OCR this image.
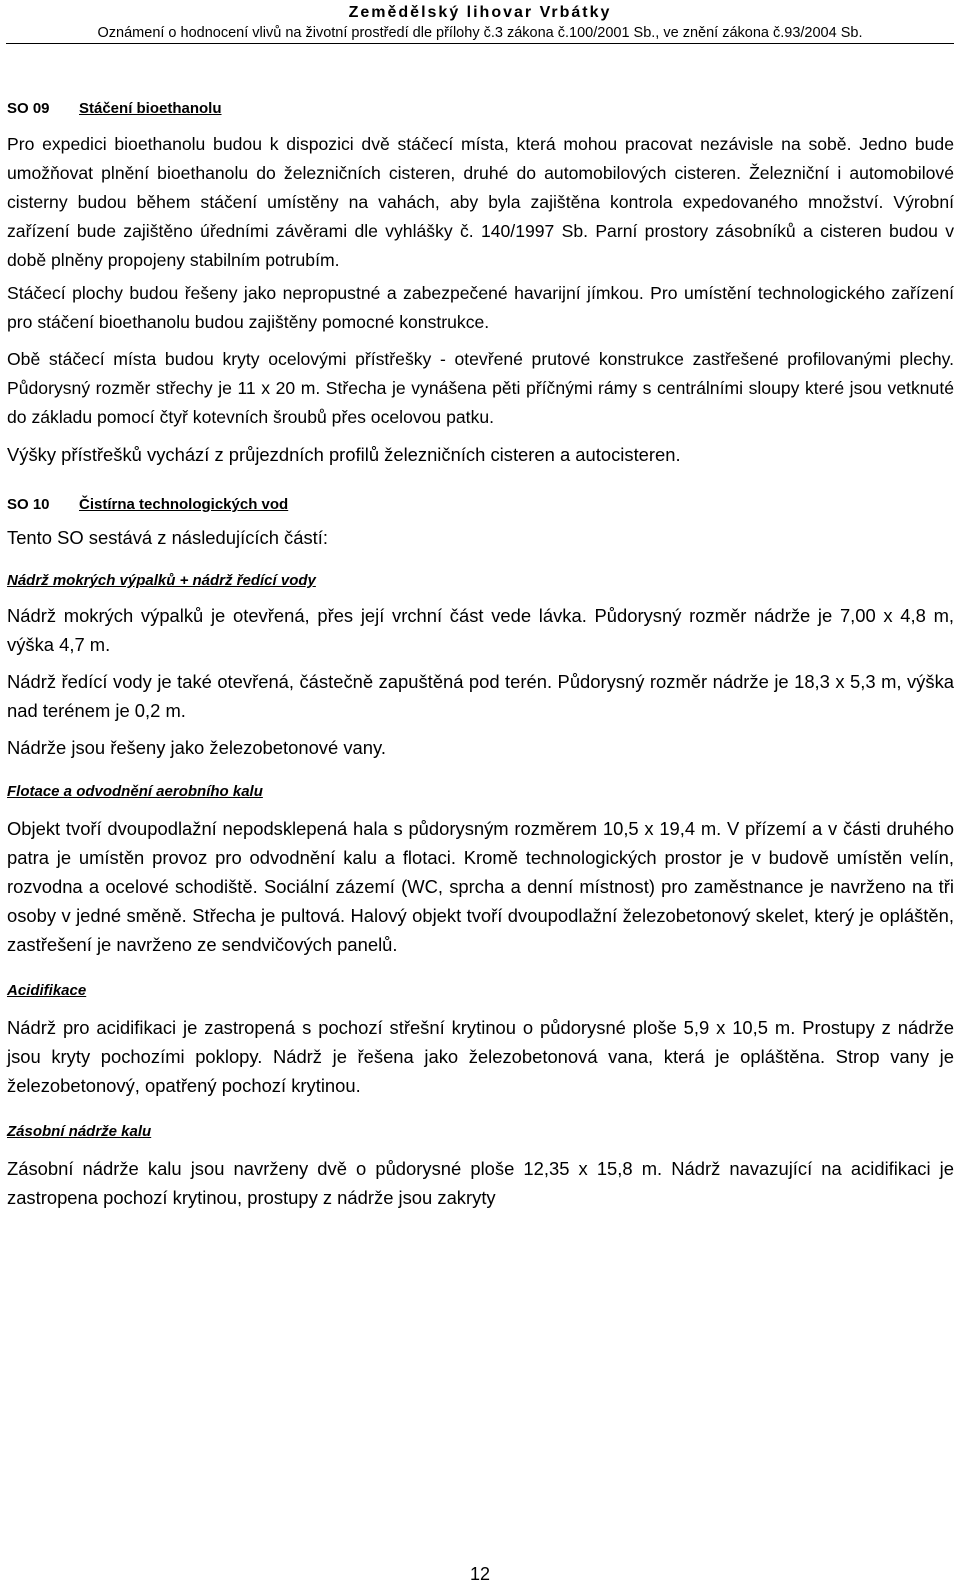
Zemědělský lihovar Vrbátky
Oznámení o hodnocení vlivů na životní prostředí dle přílohy č.3 zákona č.100/2001 Sb., ve znění zákona č.93/2004 Sb.
SO 09 Stáčení bioethanolu

Pro expedici bioethanolu budou k dispozici dvě stáčecí místa, která mohou pracovat nezávisle na sobě. Jedno bude umožňovat plnění bioethanolu do železničních cisteren, druhé do automobilových cisteren. Železniční i automobilové cisterny budou během stáčení umístěny na vahách, aby byla zajištěna kontrola expedovaného množství. Výrobní zařízení bude zajištěno úředními závěrami dle vyhlášky č. 140/1997 Sb. Parní prostory zásobníků a cisteren budou v době plněny propojeny stabilním potrubím.

Stáčecí plochy budou řešeny jako nepropustné a zabezpečené havarijní jímkou. Pro umístění technologického zařízení pro stáčení bioethanolu budou zajištěny pomocné konstrukce.

Obě stáčecí místa budou kryty ocelovými přístřešky - otevřené prutové konstrukce zastřešené profilovanými plechy. Půdorysný rozměr střechy je 11 x 20 m. Střecha je vynášena pěti příčnými rámy s centrálními sloupy které jsou vetknuté do základu pomocí čtyř kotevních šroubů přes ocelovou patku.

Výšky přístřešků vychází z průjezdních profilů železničních cisteren a autocisteren.

SO 10 Čistírna technologických vod

Tento SO sestává z následujících částí:

Nádrž mokrých výpalků + nádrž ředící vody

Nádrž mokrých výpalků je otevřená, přes její vrchní část vede lávka. Půdorysný rozměr nádrže je 7,00 x 4,8 m, výška 4,7 m.

Nádrž ředící vody je také otevřená, částečně zapuštěná pod terén. Půdorysný rozměr nádrže je 18,3 x 5,3 m, výška nad terénem je 0,2 m.

Nádrže jsou řešeny jako železobetonové vany.

Flotace a odvodnění aerobního kalu

Objekt tvoří dvoupodlažní nepodsklepená hala s půdorysným rozměrem 10,5 x 19,4 m. V přízemí a v části druhého patra je umístěn provoz pro odvodnění kalu a flotaci. Kromě technologických prostor je v budově umístěn velín, rozvodna a ocelové schodiště. Sociální zázemí (WC, sprcha a denní místnost) pro zaměstnance je navrženo na tři osoby v jedné směně. Střecha je pultová. Halový objekt tvoří dvoupodlažní železobetonový skelet, který je opláštěn, zastřešení je navrženo ze sendvičových panelů.

Acidifikace

Nádrž pro acidifikaci je zastropená s pochozí střešní krytinou o půdorysné ploše 5,9 x 10,5 m. Prostupy z nádrže jsou kryty pochozími poklopy. Nádrž je řešena jako železobetonová vana, která je opláštěna. Strop vany je železobetonový, opatřený pochozí krytinou.

Zásobní nádrže kalu

Zásobní nádrže kalu jsou navrženy dvě o půdorysné ploše 12,35 x 15,8 m. Nádrž navazující na acidifikaci je zastropena pochozí krytinou, prostupy z nádrže jsou zakryty

12
